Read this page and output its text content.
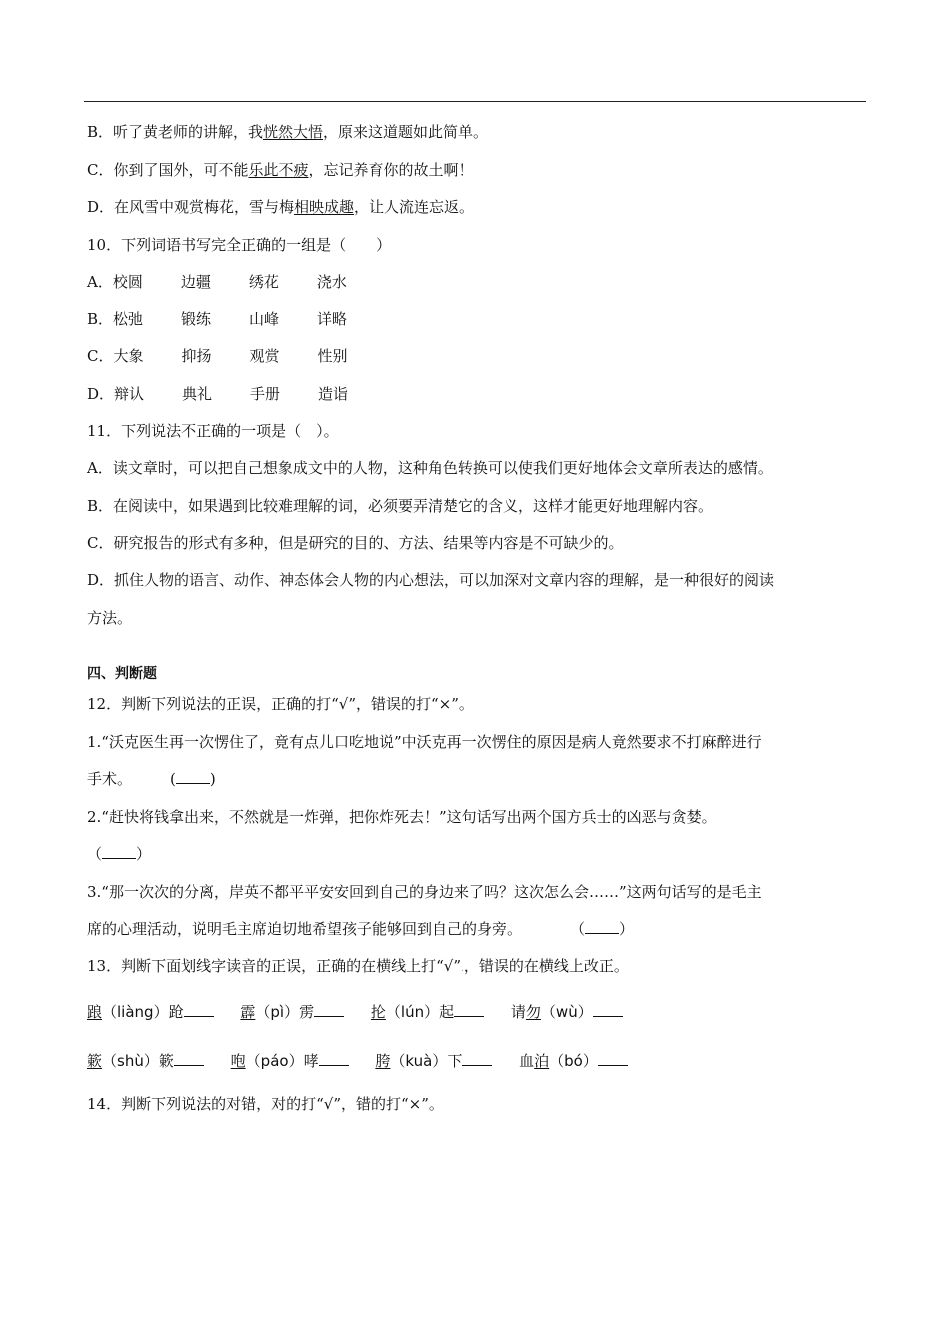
B．听了黄老师的讲解，我恍然大悟，原来这道题如此简单。
C．你到了国外，可不能乐此不疲，忘记养育你的故土啊！
D．在风雪中观赏梅花，雪与梅相映成趣，让人流连忘返。
10．下列词语书写完全正确的一组是（　　）
A．校圆	边疆	绣花	浇水
B．松弛	锻练	山峰	详略
C．大象	抑扬	观赏	性别
D．辩认	典礼	手册	造诣
11．下列说法不正确的一项是（　）。
A．读文章时，可以把自己想象成文中的人物，这种角色转换可以使我们更好地体会文章所表达的感情。
B．在阅读中，如果遇到比较难理解的词，必须要弄清楚它的含义，这样才能更好地理解内容。
C．研究报告的形式有多种，但是研究的目的、方法、结果等内容是不可缺少的。
D．抓住人物的语言、动作、神态体会人物的内心想法，可以加深对文章内容的理解，是一种很好的阅读
方法。
四、判断题
12．判断下列说法的正误，正确的打“√”，错误的打“×”。
1.“沃克医生再一次愣住了，竟有点儿口吃地说”中沃克再一次愣住的原因是病人竟然要求不打麻醉进行
手术。	( )
2.“赶快将钱拿出来，不然就是一炸弹，把你炸死去！”这句话写出两个国方兵士的凶恶与贪婪。
（ ）
3.“那一次次的分离，岸英不都平平安安回到自己的身边来了吗？这次怎么会……”这两句话写的是毛主
席的心理活动，说明毛主席迫切地希望孩子能够回到自己的身旁。	（ ）
13．判断下面划线字读音的正误，正确的在横线上打“√”.，错误的在横线上改正。
踉（liàng）跄	霹（pì）雳	抡（lún）起	请勿（wù）
簌（shù）簌	咆（páo）哮	胯（kuà）下	血泊（bó）
14．判断下列说法的对错，对的打“√”，错的打“×”。
